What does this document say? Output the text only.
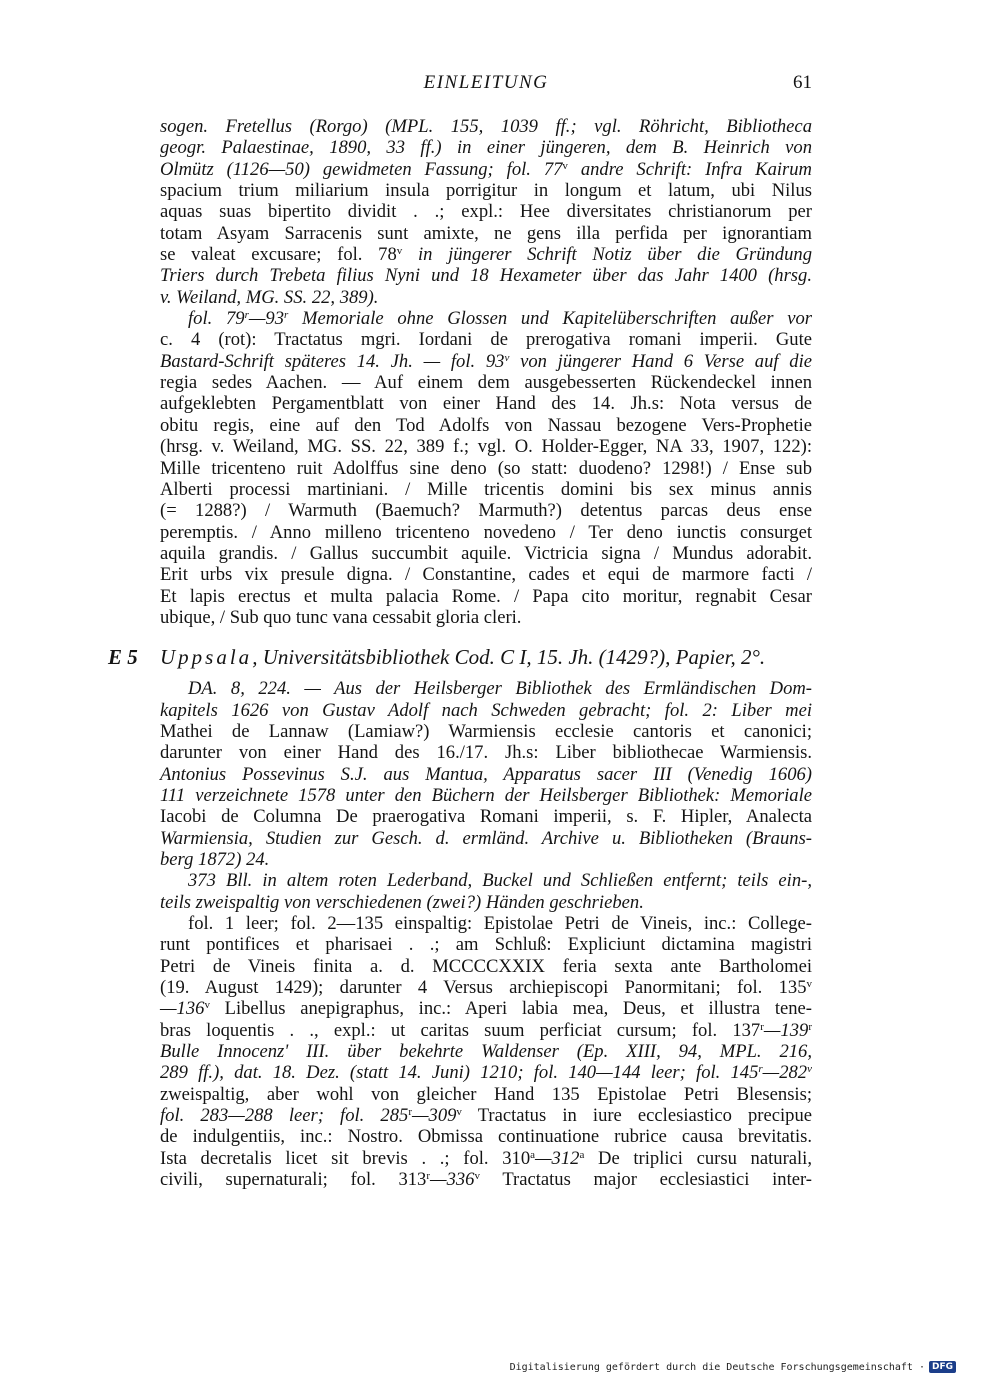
EINLEITUNG	61
sogen. Fretellus (Rorgo) (MPL. 155, 1039 ff.; vgl. Röhricht, Bibliotheca
geogr. Palaestinae, 1890, 33 ff.) in einer jüngeren, dem B. Heinrich von
Olmütz (1126—50) gewidmeten Fassung; fol. 77$^v$ andre Schrift: Infra Kairum
spacium trium miliarium insula porrigitur in longum et latum, ubi Nilus
aquas suas bipertito dividit . .; expl.: Hee diversitates christianorum per
totam Asyam Sarracenis sunt amixte, ne gens illa perfida per ignorantiam
se valeat excusare; fol. 78$^v$ in jüngerer Schrift Notiz über die Gründung
Triers durch Trebeta filius Nyni und 18 Hexameter über das Jahr 1400 (hrsg.
v. Weiland, MG. SS. 22, 389).
fol. 79$^r$—93$^r$ Memoriale ohne Glossen und Kapitelüberschriften außer vor
c. 4 (rot): Tractatus mgri. Iordani de prerogativa romani imperii. Gute
Bastard-Schrift späteres 14. Jh. — fol. 93$^v$ von jüngerer Hand 6 Verse auf die
regia sedes Aachen. — Auf einem dem ausgebesserten Rückendeckel innen
aufgeklebten Pergamentblatt von einer Hand des 14. Jh.s: Nota versus de
obitu regis, eine auf den Tod Adolfs von Nassau bezogene Vers-Prophetie
(hrsg. v. Weiland, MG. SS. 22, 389 f.; vgl. O. Holder-Egger, NA 33, 1907, 122):
Mille tricenteno ruit Adolffus sine deno (so statt: duodeno? 1298!) / Ense sub
Alberti processi martiniani. / Mille tricentis domini bis sex minus annis
(= 1288?) / Warmuth (Baemuch? Marmuth?) detentus parcas deus ense
peremptis. / Anno milleno tricenteno novedeno / Ter deno iunctis consurget
aquila grandis. / Gallus succumbit aquile. Victricia signa / Mundus adorabit.
Erit urbs vix presule digna. / Constantine, cades et equi de marmore facti /
Et lapis erectus et multa palacia Rome. / Papa cito moritur, regnabit Cesar
ubique, / Sub quo tunc vana cessabit gloria cleri.
E 5 Uppsala, Universitätsbibliothek Cod. C I, 15. Jh. (1429?), Papier, 2°.
DA. 8, 224. — Aus der Heilsberger Bibliothek des Ermländischen Dom-
kapitels 1626 von Gustav Adolf nach Schweden gebracht; fol. 2: Liber mei
Mathei de Lannaw (Lamiaw?) Warmiensis ecclesie cantoris et canonici;
darunter von einer Hand des 16./17. Jh.s: Liber bibliothecae Warmiensis.
Antonius Possevinus S.J. aus Mantua, Apparatus sacer III (Venedig 1606)
111 verzeichnete 1578 unter den Büchern der Heilsberger Bibliothek: Memoriale
Iacobi de Columna De praerogativa Romani imperii, s. F. Hipler, Analecta
Warmiensia, Studien zur Gesch. d. ermländ. Archive u. Bibliotheken (Brauns-
berg 1872) 24.
373 Bll. in altem roten Lederband, Buckel und Schließen entfernt; teils ein-,
teils zweispaltig von verschiedenen (zwei?) Händen geschrieben.
fol. 1 leer; fol. 2—135 einspaltig: Epistolae Petri de Vineis, inc.: Collegе-
runt pontifices et pharisaei . .; am Schluß: Expliciunt dictamina magistri
Petri de Vineis finita a. d. MCCCCXXIX feria sexta ante Bartholomei
(19. August 1429); darunter 4 Versus archiepiscopi Panormitani; fol. 135$^v$
—136$^v$ Libellus anepigraphus, inc.: Aperi labia mea, Deus, et illustra tene-
bras loquentis . ., expl.: ut caritas suum perficiat cursum; fol. 137$^r$—139$^r$
Bulle Innocenz' III. über bekehrte Waldenser (Ep. XIII, 94, MPL. 216,
289 ff.), dat. 18. Dez. (statt 14. Juni) 1210; fol. 140—144 leer; fol. 145$^r$—282$^v$
zweispaltig, aber wohl von gleicher Hand 135 Epistolae Petri Blesensis;
fol. 283—288 leer; fol. 285$^r$—309$^v$ Tractatus in iure ecclesiastico precipue
de indulgentiis, inc.: Nostro. Obmissa continuatione rubrice causa brevitatis.
Ista decretalis licet sit brevis . .; fol. 310$^a$—312$^a$ De triplici cursu naturali,
civili, supernaturali; fol. 313$^r$—336$^v$ Tractatus major ecclesiastici inter-
Digitalisierung gefördert durch die Deutsche Forschungsgemeinschaft · DFG
